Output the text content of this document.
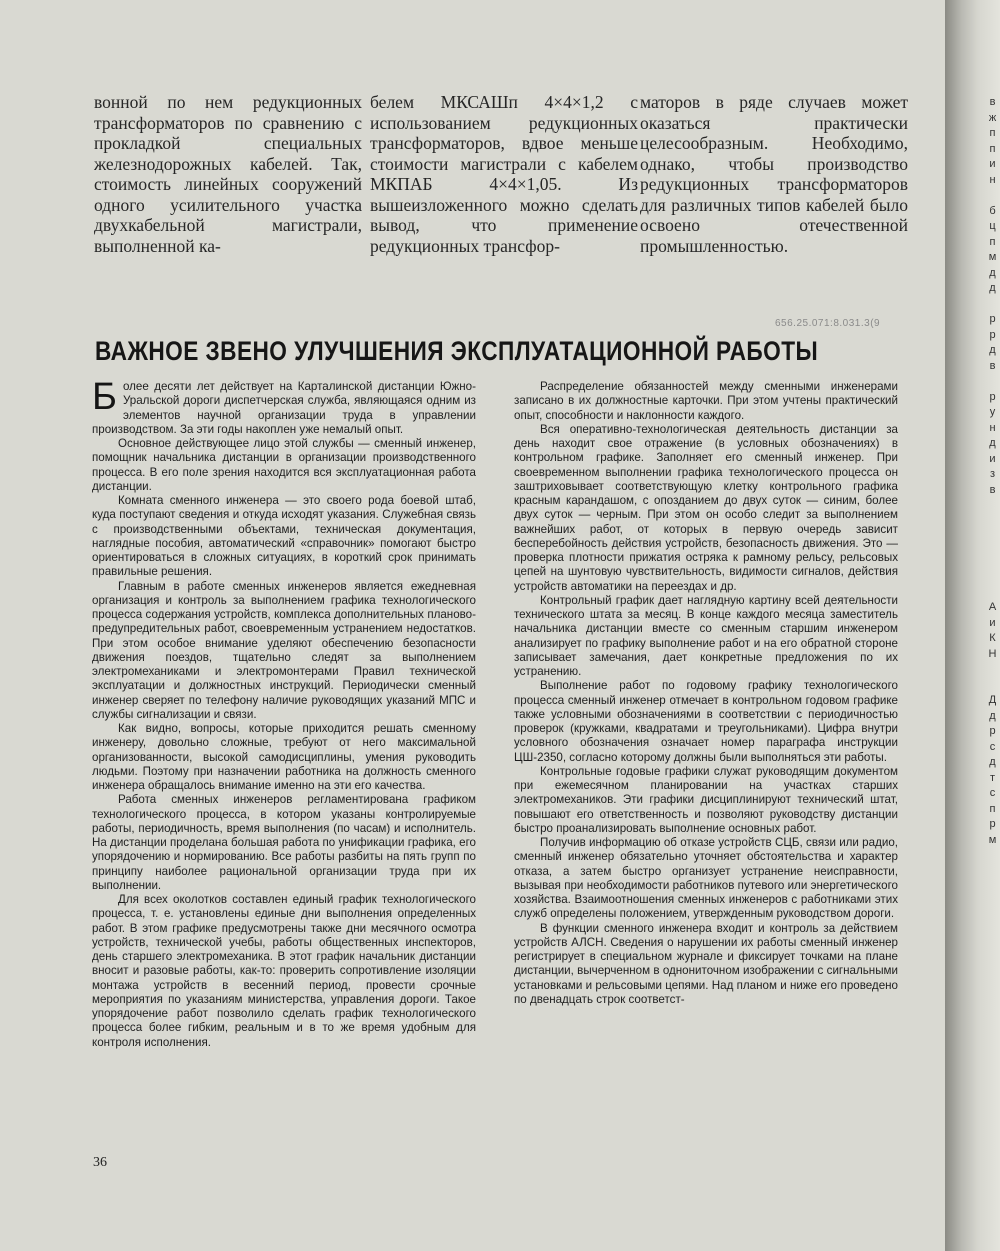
вонной по нем редукционных трансформаторов по сравнению с прокладкой специальных железнодорожных кабелей. Так, стоимость линейных сооружений одного усилительного участка двухкабельной магистрали, выполненной ка-

белем МКСАШп 4×4×1,2 с использованием редукционных трансформаторов, вдвое меньше стоимости магистрали с кабелем МКПАБ 4×4×1,05. Из вышеизложенного можно сделать вывод, что применение редукционных трансфор-

маторов в ряде случаев может оказаться практически целесообразным. Необходимо, однако, чтобы производство редукционных трансформаторов для различных типов кабелей было освоено отечественной промышленностью.

656.25.071:8.031.3(9
ВАЖНОЕ ЗВЕНО УЛУЧШЕНИЯ ЭКСПЛУАТАЦИОННОЙ РАБОТЫ

Более десяти лет действует на Карталинской дистанции Южно-Уральской дороги диспетчерская служба, являющаяся одним из элементов научной организации труда в управлении производством. За эти годы накоплен уже немалый опыт.

Основное действующее лицо этой службы — сменный инженер, помощник начальника дистанции в организации производственного процесса. В его поле зрения находится вся эксплуатационная работа дистанции.

Комната сменного инженера — это своего рода боевой штаб, куда поступают сведения и откуда исходят указания. Служебная связь с производственными объектами, техническая документация, наглядные пособия, автоматический «справочник» помогают быстро ориентироваться в сложных ситуациях, в короткий срок принимать правильные решения.

Главным в работе сменных инженеров является ежедневная организация и контроль за выполнением графика технологического процесса содержания устройств, комплекса дополнительных планово-предупредительных работ, своевременным устранением недостатков. При этом особое внимание уделяют обеспечению безопасности движения поездов, тщательно следят за выполнением электромеханиками и электромонтерами Правил технической эксплуатации и должностных инструкций. Периодически сменный инженер сверяет по телефону наличие руководящих указаний МПС и службы сигнализации и связи.

Как видно, вопросы, которые приходится решать сменному инженеру, довольно сложные, требуют от него максимальной организованности, высокой самодисциплины, умения руководить людьми. Поэтому при назначении работника на должность сменного инженера обращалось внимание именно на эти его качества.

Работа сменных инженеров регламентирована графиком технологического процесса, в котором указаны контролируемые работы, периодичность, время выполнения (по часам) и исполнитель. На дистанции проделана большая работа по унификации графика, его упорядочению и нормированию. Все работы разбиты на пять групп по принципу наиболее рациональной организации труда при их выполнении.

Для всех околотков составлен единый график технологического процесса, т. е. установлены единые дни выполнения определенных работ. В этом графике предусмотрены также дни месячного осмотра устройств, технической учебы, работы общественных инспекторов, день старшего электромеханика. В этот график начальник дистанции вносит и разовые работы, как-то: проверить сопротивление изоляции монтажа устройств в весенний период, провести срочные мероприятия по указаниям министерства, управления дороги. Такое упорядочение работ позволило сделать график технологического процесса более гибким, реальным и в то же время удобным для контроля исполнения.

Распределение обязанностей между сменными инженерами записано в их должностные карточки. При этом учтены практический опыт, способности и наклонности каждого.

Вся оперативно-технологическая деятельность дистанции за день находит свое отражение (в условных обозначениях) в контрольном графике. Заполняет его сменный инженер. При своевременном выполнении графика технологического процесса он заштриховывает соответствующую клетку контрольного графика красным карандашом, с опозданием до двух суток — синим, более двух суток — черным. При этом он особо следит за выполнением важнейших работ, от которых в первую очередь зависит бесперебойность действия устройств, безопасность движения. Это — проверка плотности прижатия остряка к рамному рельсу, рельсовых цепей на шунтовую чувствительность, видимости сигналов, действия устройств автоматики на переездах и др.

Контрольный график дает наглядную картину всей деятельности технического штата за месяц. В конце каждого месяца заместитель начальника дистанции вместе со сменным старшим инженером анализирует по графику выполнение работ и на его обратной стороне записывает замечания, дает конкретные предложения по их устранению.

Выполнение работ по годовому графику технологического процесса сменный инженер отмечает в контрольном годовом графике также условными обозначениями в соответствии с периодичностью проверок (кружками, квадратами и треугольниками). Цифра внутри условного обозначения означает номер параграфа инструкции ЦШ-2350, согласно которому должны были выполняться эти работы.

Контрольные годовые графики служат руководящим документом при ежемесячном планировании на участках старших электромехаников. Эти графики дисциплинируют технический штат, повышают его ответственность и позволяют руководству дистанции быстро проанализировать выполнение основных работ.

Получив информацию об отказе устройств СЦБ, связи или радио, сменный инженер обязательно уточняет обстоятельства и характер отказа, а затем быстро организует устранение неисправности, вызывая при необходимости работников путевого или энергетического хозяйства. Взаимоотношения сменных инженеров с работниками этих служб определены положением, утвержденным руководством дороги.

В функции сменного инженера входит и контроль за действием устройств АЛСН. Сведения о нарушении их работы сменный инженер регистрирует в специальном журнале и фиксирует точками на плане дистанции, вычерченном в однониточном изображении с сигнальными установками и рельсовыми цепями. Над планом и ниже его проведено по двенадцать строк соответст-

36
в
ж
п
п
и
н

б
ц
п
м
д
д

р
р
д
в

р
у
н
д
и
з
в
А
и
К
Н

Д
д
р
с
д
т
с
п
р
м
